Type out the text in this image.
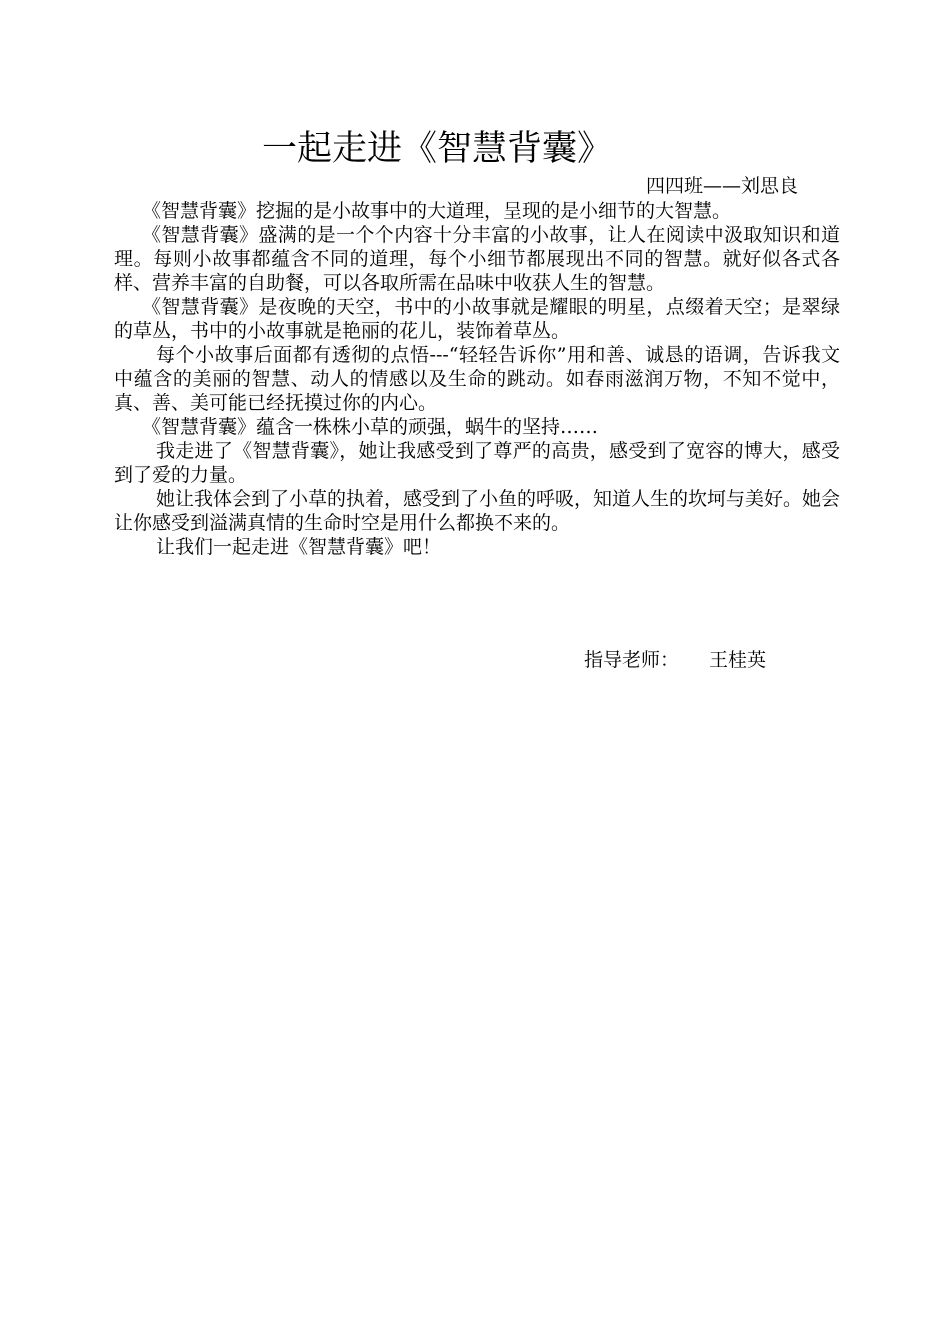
一起走进《智慧背囊》
四四班——刘思良

《智慧背囊》挖掘的是小故事中的大道理，呈现的是小细节的大智慧。

《智慧背囊》盛满的是一个个内容十分丰富的小故事，让人在阅读中汲取知识和道理。每则小故事都蕴含不同的道理，每个小细节都展现出不同的智慧。就好似各式各样、营养丰富的自助餐，可以各取所需在品味中收获人生的智慧。

《智慧背囊》是夜晚的天空，书中的小故事就是耀眼的明星，点缀着天空；是翠绿的草丛，书中的小故事就是艳丽的花儿，装饰着草丛。

每个小故事后面都有透彻的点悟---“轻轻告诉你”用和善、诚恳的语调，告诉我文中蕴含的美丽的智慧、动人的情感以及生命的跳动。如春雨滋润万物，不知不觉中，真、善、美可能已经抚摸过你的内心。

《智慧背囊》蕴含一株株小草的顽强，蜗牛的坚持……

我走进了《智慧背囊》，她让我感受到了尊严的高贵，感受到了宽容的博大，感受到了爱的力量。

她让我体会到了小草的执着，感受到了小鱼的呼吸，知道人生的坎坷与美好。她会让你感受到溢满真情的生命时空是用什么都换不来的。

让我们一起走进《智慧背囊》吧！

指导老师： 王桂英
